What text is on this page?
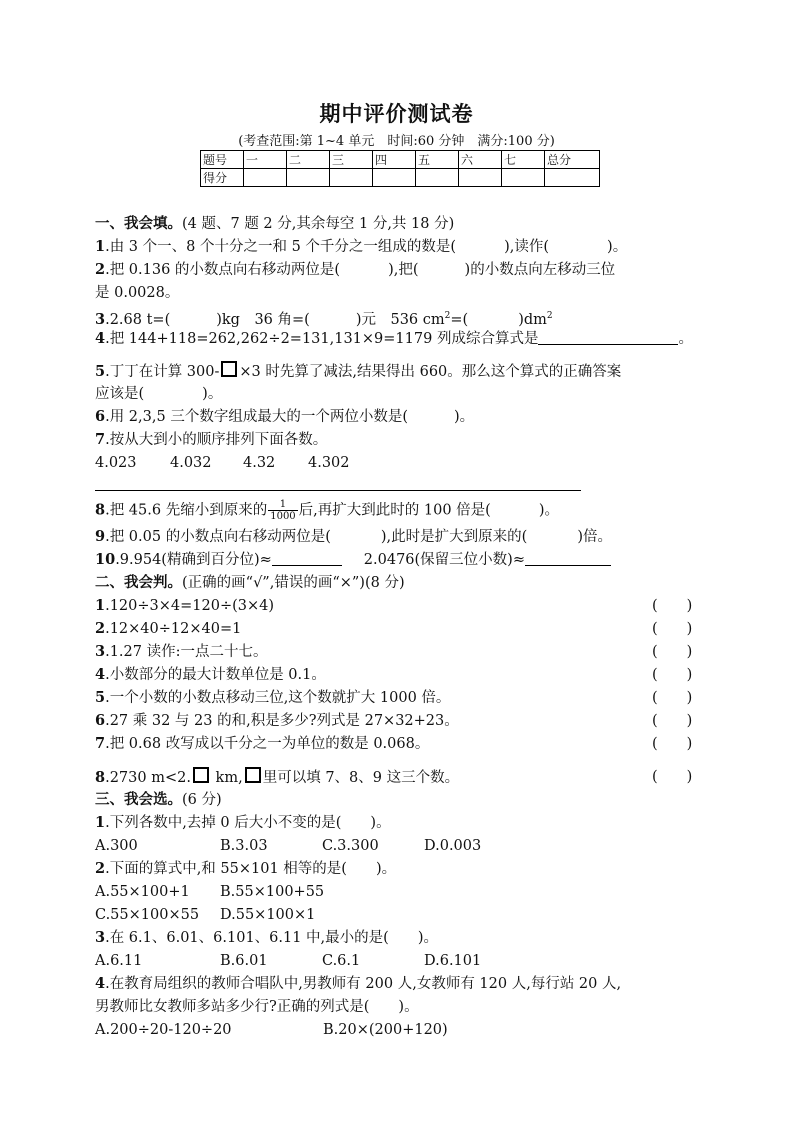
期中评价测试卷
(考查范围:第 1~4 单元　时间:60 分钟　满分:100 分)
题号	一	二	三	四	五	六	七	总分
得分								
一、我会填。(4 题、7 题 2 分,其余每空 1 分,共 18 分)
1.由 3 个一、8 个十分之一和 5 个千分之一组成的数是(	),读作(	)。
2.把 0.136 的小数点向右移动两位是(	),把(	)的小数点向左移动三位
是 0.0028。
3.2.68 t=(	)kg　36 角=(	)元　536 $cm^2=$(	)$dm^2$
4.把 144+118=262,262÷2=131,131×9=1179 列成综合算式是	。
5.丁丁在计算 300- ×3 时先算了减法,结果得出 660。那么这个算式的正确答案
应该是(	)。
6.用 2,3,5 三个数字组成最大的一个两位小数是(	)。
7.按从大到小的顺序排列下面各数。
4.023 4.032 4.32 4.302
8.把 45.6 先缩小到原来的 $\frac{1}{1000}$ 后,再扩大到此时的 100 倍是(	)。
9.把 0.05 的小数点向右移动两位是(	),此时是扩大到原来的(	)倍。
10.9.954(精确到百分位)≈	2.0476(保留三位小数)≈
二、我会判。(正确的画“√”,错误的画“×”)(8 分)
1.120÷3×4=120÷(3×4)	(　　)
2.12×40÷12×40=1	(　　)
3.1.27 读作:一点二十七。	(　　)
4.小数部分的最大计数单位是 0.1。	(　　)
5.一个小数的小数点移动三位,这个数就扩大 1000 倍。	(　　)
6.27 乘 32 与 23 的和,积是多少?列式是 27×32+23。	(　　)
7.把 0.68 改写成以千分之一为单位的数是 0.068。	(　　)
8.2730 m<2. km, 里可以填 7、8、9 这三个数。	(　　)
三、我会选。(6 分)
1.下列各数中,去掉 0 后大小不变的是(　　)。
A.300	B.3.03	C.3.300	D.0.003
2.下面的算式中,和 55×101 相等的是(　　)。
A.55×100+1 B.55×100+55
C.55×100×55 D.55×100×1
3.在 6.1、6.01、6.101、6.11 中,最小的是(　　)。
A.6.11	B.6.01	C.6.1	D.6.101
4.在教育局组织的教师合唱队中,男教师有 200 人,女教师有 120 人,每行站 20 人,
男教师比女教师多站多少行?正确的列式是(　　)。
A.200÷20-120÷20	B.20×(200+120)
